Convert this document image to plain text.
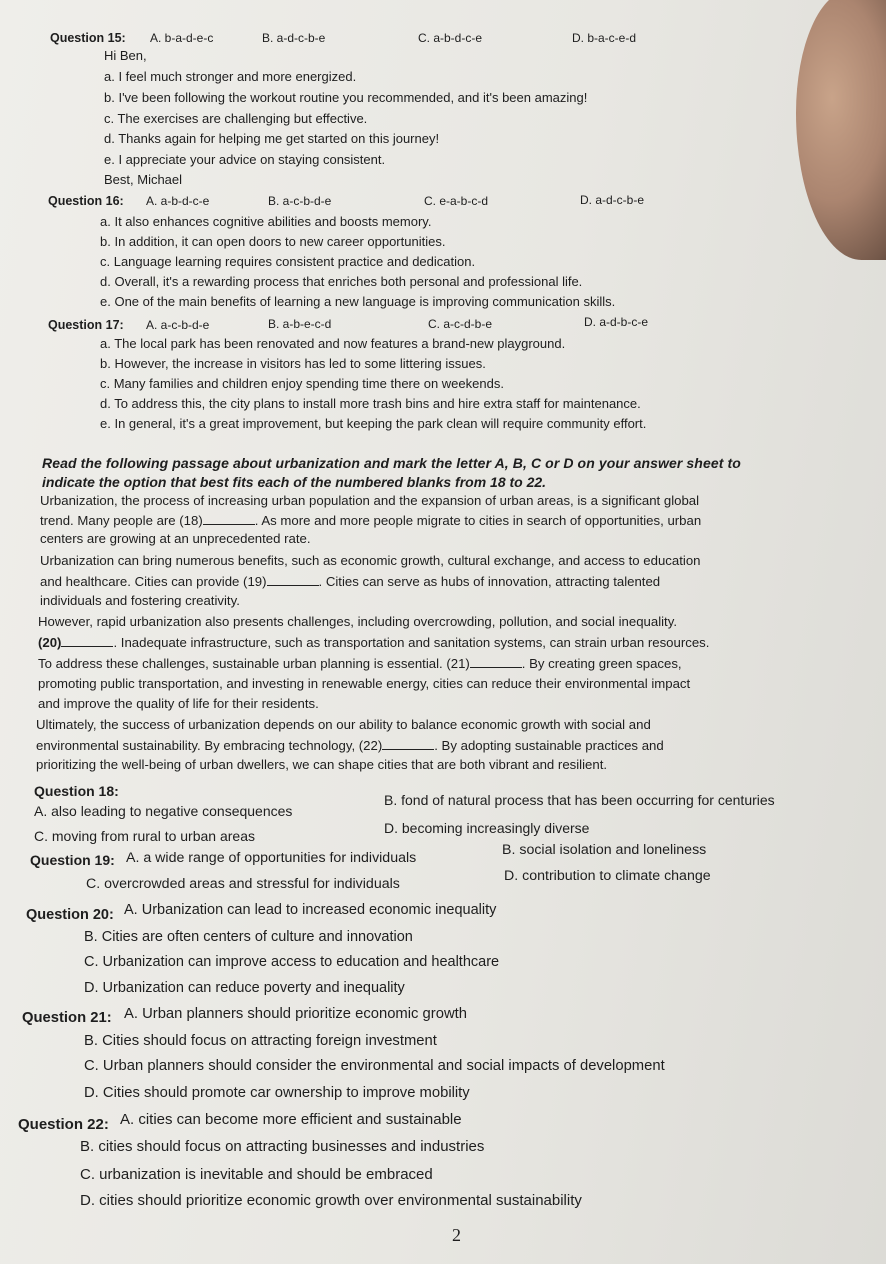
Question 15: A. b-a-d-e-c	B. a-d-c-b-e	C. a-b-d-c-e	D. b-a-c-e-d
Hi Ben,
a. I feel much stronger and more energized.
b. I've been following the workout routine you recommended, and it's been amazing!
c. The exercises are challenging but effective.
d. Thanks again for helping me get started on this journey!
e. I appreciate your advice on staying consistent.
Best, Michael
Question 16: A. a-b-d-c-e	B. a-c-b-d-e	C. e-a-b-c-d	D. a-d-c-b-e
a. It also enhances cognitive abilities and boosts memory.
b. In addition, it can open doors to new career opportunities.
c. Language learning requires consistent practice and dedication.
d. Overall, it's a rewarding process that enriches both personal and professional life.
e. One of the main benefits of learning a new language is improving communication skills.
Question 17: A. a-c-b-d-e	B. a-b-e-c-d	C. a-c-d-b-e	D. a-d-b-c-e
a. The local park has been renovated and now features a brand-new playground.
b. However, the increase in visitors has led to some littering issues.
c. Many families and children enjoy spending time there on weekends.
d. To address this, the city plans to install more trash bins and hire extra staff for maintenance.
e. In general, it's a great improvement, but keeping the park clean will require community effort.
Read the following passage about urbanization and mark the letter A, B, C or D on your answer sheet to
indicate the option that best fits each of the numbered blanks from 18 to 22.
Urbanization, the process of increasing urban population and the expansion of urban areas, is a significant global
trend. Many people are (18)	. As more and more people migrate to cities in search of opportunities, urban
centers are growing at an unprecedented rate.
Urbanization can bring numerous benefits, such as economic growth, cultural exchange, and access to education
and healthcare. Cities can provide (19)	. Cities can serve as hubs of innovation, attracting talented
individuals and fostering creativity.
However, rapid urbanization also presents challenges, including overcrowding, pollution, and social inequality.
(20)	. Inadequate infrastructure, such as transportation and sanitation systems, can strain urban resources.
To address these challenges, sustainable urban planning is essential. (21)	. By creating green spaces,
promoting public transportation, and investing in renewable energy, cities can reduce their environmental impact
and improve the quality of life for their residents.
Ultimately, the success of urbanization depends on our ability to balance economic growth with social and
environmental sustainability. By embracing technology, (22)	. By adopting sustainable practices and
prioritizing the well-being of urban dwellers, we can shape cities that are both vibrant and resilient.
Question 18:
A. also leading to negative consequences
B. fond of natural process that has been occurring for centuries
C. moving from rural to urban areas	D. becoming increasingly diverse
Question 19: A. a wide range of opportunities for individuals	B. social isolation and loneliness
C. overcrowded areas and stressful for individuals	D. contribution to climate change
Question 20: A. Urbanization can lead to increased economic inequality
B. Cities are often centers of culture and innovation
C. Urbanization can improve access to education and healthcare
D. Urbanization can reduce poverty and inequality
Question 21: A. Urban planners should prioritize economic growth
B. Cities should focus on attracting foreign investment
C. Urban planners should consider the environmental and social impacts of development
D. Cities should promote car ownership to improve mobility
Question 22: A. cities can become more efficient and sustainable
B. cities should focus on attracting businesses and industries
C. urbanization is inevitable and should be embraced
D. cities should prioritize economic growth over environmental sustainability
2
